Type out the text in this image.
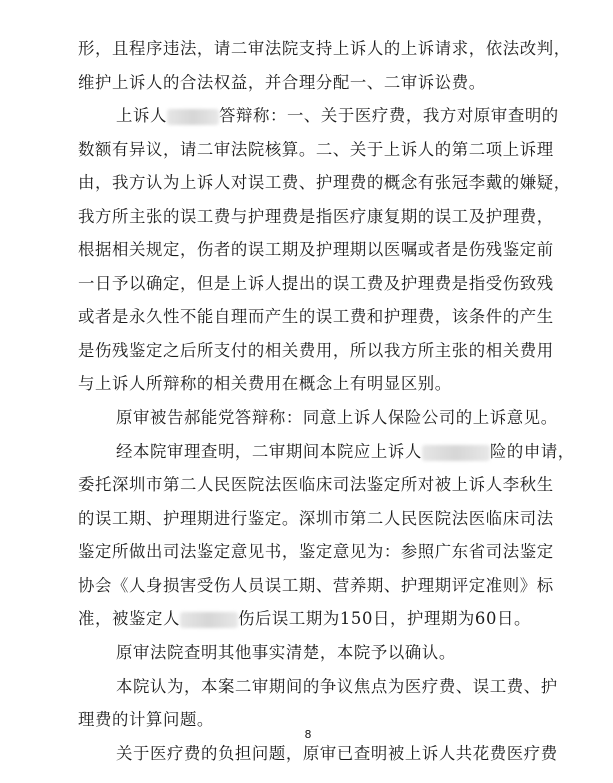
形，且程序违法，请二审法院支持上诉人的上诉请求，依法改判，
维护上诉人的合法权益，并合理分配一、二审诉讼费。
上诉人	答辩称：一、关于医疗费，我方对原审查明的
数额有异议，请二审法院核算。二、关于上诉人的第二项上诉理
由，我方认为上诉人对误工费、护理费的概念有张冠李戴的嫌疑，
我方所主张的误工费与护理费是指医疗康复期的误工及护理费，
根据相关规定，伤者的误工期及护理期以医嘱或者是伤残鉴定前
一日予以确定，但是上诉人提出的误工费及护理费是指受伤致残
或者是永久性不能自理而产生的误工费和护理费，该条件的产生
是伤残鉴定之后所支付的相关费用，所以我方所主张的相关费用
与上诉人所辩称的相关费用在概念上有明显区别。
原审被告郝能党答辩称：同意上诉人保险公司的上诉意见。
经本院审理查明，二审期间本院应上诉人	险的申请，
委托深圳市第二人民医院法医临床司法鉴定所对被上诉人李秋生
的误工期、护理期进行鉴定。深圳市第二人民医院法医临床司法
鉴定所做出司法鉴定意见书，鉴定意见为：参照广东省司法鉴定
协会《人身损害受伤人员误工期、营养期、护理期评定准则》标
准，被鉴定人	伤后误工期为150日，护理期为60日。
原审法院查明其他事实清楚，本院予以确认。
本院认为，本案二审期间的争议焦点为医疗费、误工费、护
理费的计算问题。
关于医疗费的负担问题，原审已查明被上诉人共花费医疗费
8
